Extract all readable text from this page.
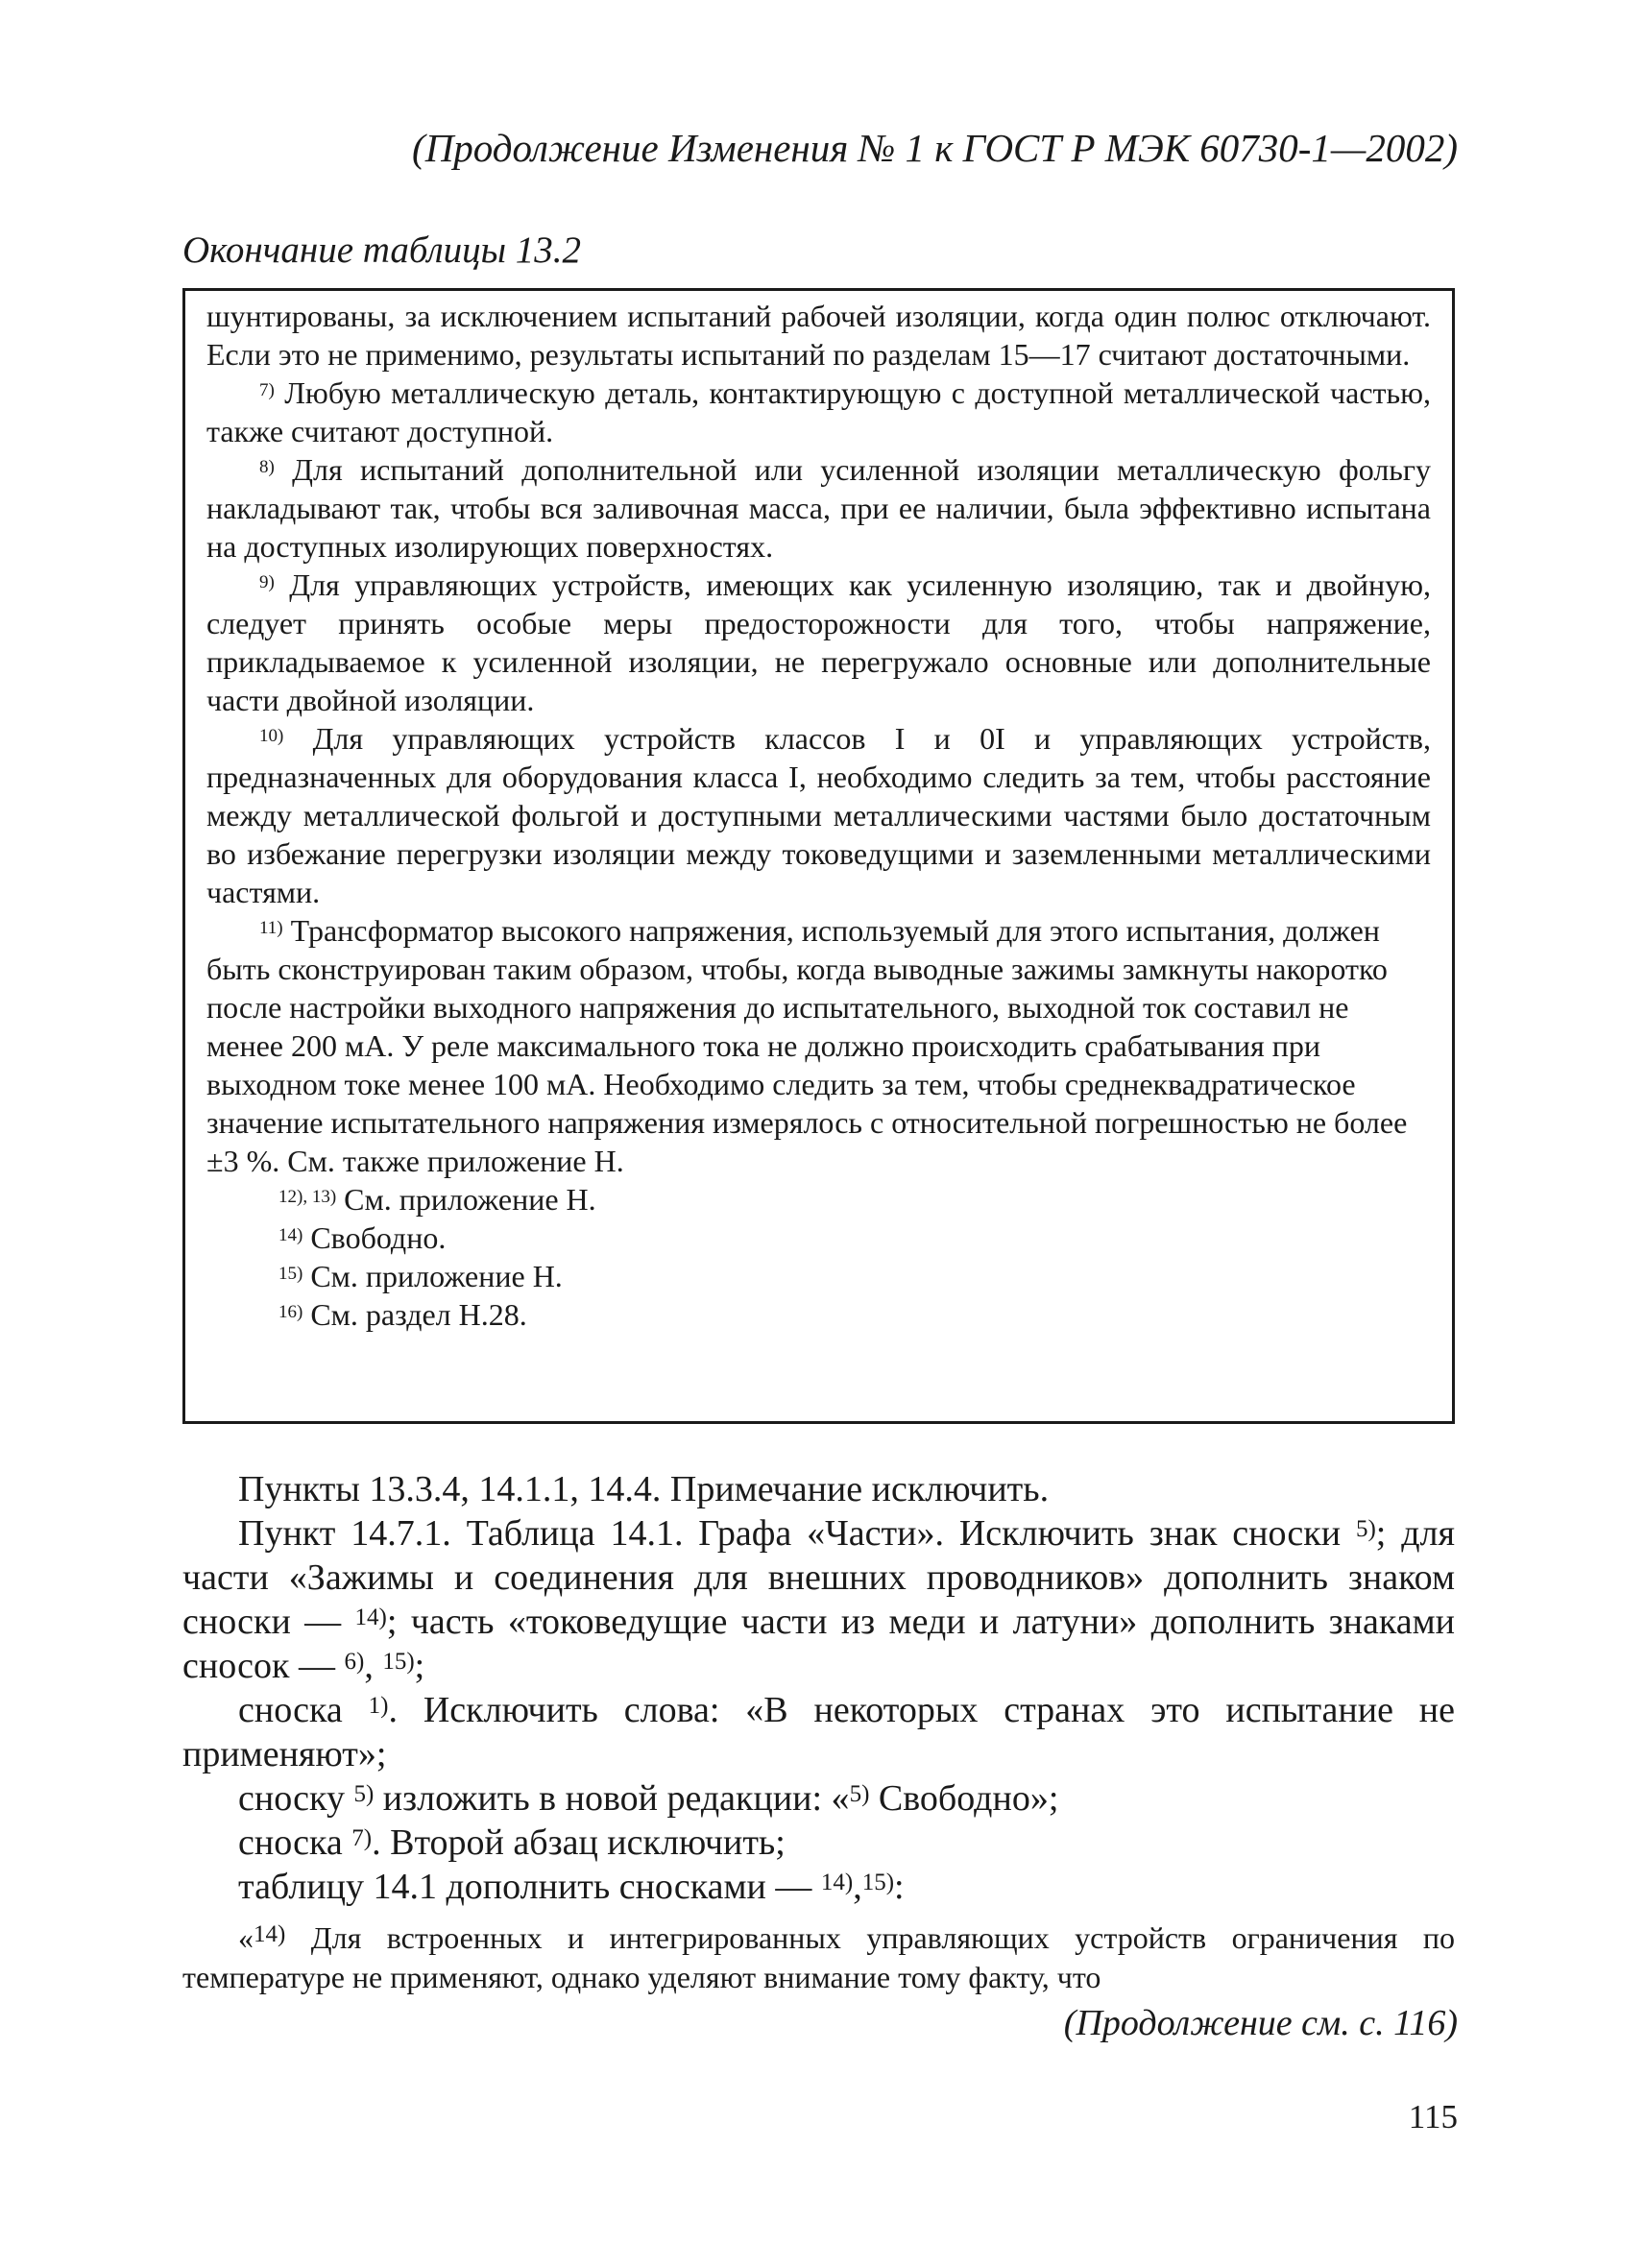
(Продолжение Изменения № 1 к ГОСТ Р МЭК 60730-1—2002)
Окончание таблицы 13.2

шунтированы, за исключением испытаний рабочей изоляции, когда один полюс отключают. Если это не применимо, результаты испытаний по разделам 15—17 считают достаточными.

$^{7)}$ Любую металлическую деталь, контактирующую с доступной металлической частью, также считают доступной.

$^{8)}$ Для испытаний дополнительной или усиленной изоляции металлическую фольгу накладывают так, чтобы вся заливочная масса, при ее наличии, была эффективно испытана на доступных изолирующих поверхностях.

$^{9)}$ Для управляющих устройств, имеющих как усиленную изоляцию, так и двойную, следует принять особые меры предосторожности для того, чтобы напряжение, прикладываемое к усиленной изоляции, не перегружало основные или дополнительные части двойной изоляции.

$^{10)}$ Для управляющих устройств классов I и 0I и управляющих устройств, предназначенных для оборудования класса I, необходимо следить за тем, чтобы расстояние между металлической фольгой и доступными металлическими частями было достаточным во избежание перегрузки изоляции между токоведущими и заземленными металлическими частями.

$^{11)}$ Трансформатор высокого напряжения, используемый для этого испытания, должен быть сконструирован таким образом, чтобы, когда выводные зажимы замкнуты накоротко после настройки выходного напряжения до испытательного, выходной ток составил не менее 200 мА. У реле максимального тока не должно происходить срабатывания при выходном токе менее 100 мА. Необходимо следить за тем, чтобы среднеквадратическое значение испытательного напряжения измерялось с относительной погрешностью не более ±3 %. См. также приложение Н.

$^{12), 13)}$ См. приложение Н.

$^{14)}$ Свободно.

$^{15)}$ См. приложение Н.

$^{16)}$ См. раздел Н.28.

Пункты 13.3.4, 14.1.1, 14.4. Примечание исключить.

Пункт 14.7.1. Таблица 14.1. Графа «Части». Исключить знак сноски $^{5)}$; для части «Зажимы и соединения для внешних проводников» дополнить знаком сноски — $^{14)}$; часть «токоведущие части из меди и латуни» дополнить знаками сносок — $^{6)}$, $^{15)}$;

сноска $^{1)}$. Исключить слова: «В некоторых странах это испытание не применяют»;

сноску $^{5)}$ изложить в новой редакции: «$^{5)}$ Свободно»;

сноска $^{7)}$. Второй абзац исключить;

таблицу 14.1 дополнить сносками — $^{14)}$,$^{15)}$:

«$^{14)}$ Для встроенных и интегрированных управляющих устройств ограничения по температуре не применяют, однако уделяют внимание тому факту, что

(Продолжение см. с. 116)
115
